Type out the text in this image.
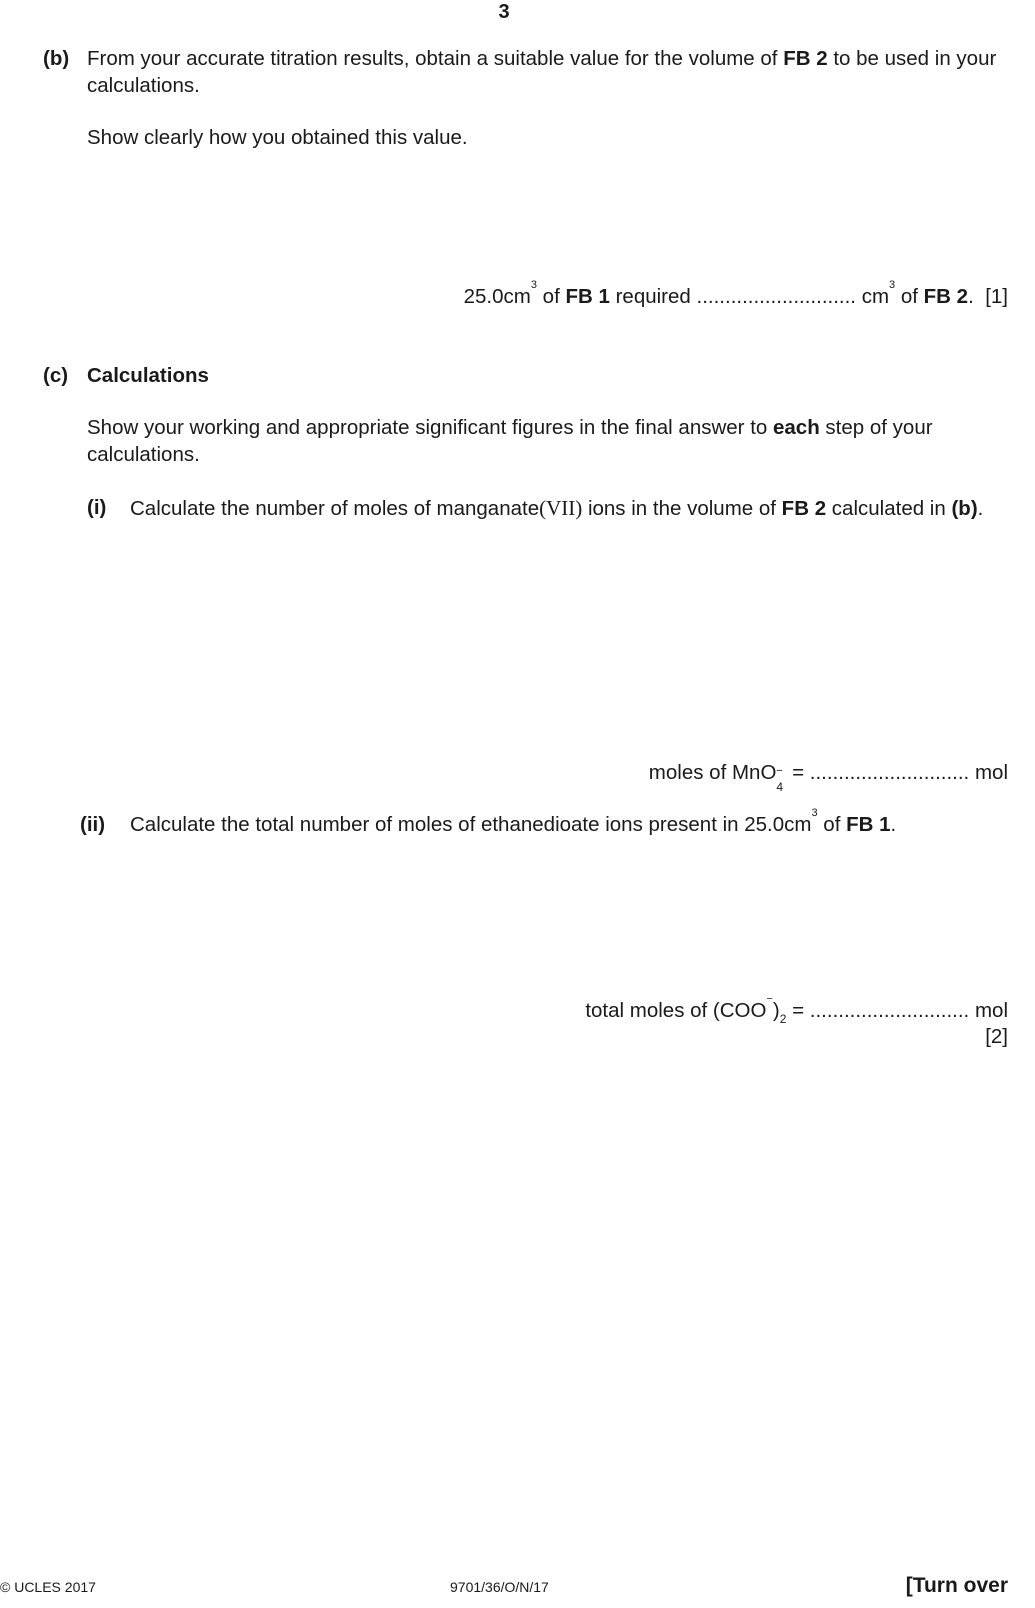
3
(b) From your accurate titration results, obtain a suitable value for the volume of FB 2 to be used in your calculations.
Show clearly how you obtained this value.
$25.0cm^3$ of FB 1 required ............................ $cm^3$ of FB 2. [1]
(c) Calculations
Show your working and appropriate significant figures in the final answer to each step of your calculations.
(i) Calculate the number of moles of manganate(VII) ions in the volume of FB 2 calculated in (b).
moles of MnO −
4
= ............................ mol
(ii) Calculate the total number of moles of ethanedioate ions present in $25.0cm^3$ of FB 1.
total moles of $(COO^-)_2$ = ............................ mol
[2]
© UCLES 2017	9701/36/O/N/17	[Turn over
